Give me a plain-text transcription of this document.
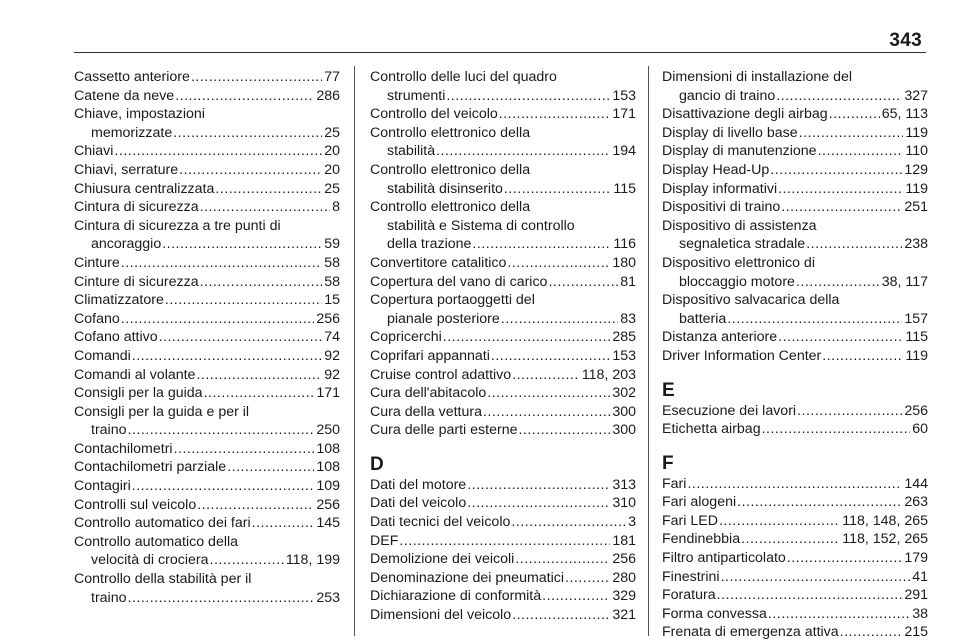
343
Cassetto anteriore .....	77
Catene da neve .....	286
Chiave, impostazioni
memorizzate .....	25
Chiavi .....	20
Chiavi, serrature .....	20
Chiusura centralizzata .....	25
Cintura di sicurezza .....	8
Cintura di sicurezza a tre punti di
ancoraggio .....	59
Cinture .....	58
Cinture di sicurezza .....	58
Climatizzatore .....	15
Cofano .....	256
Cofano attivo .....	74
Comandi .....	92
Comandi al volante .....	92
Consigli per la guida .....	171
Consigli per la guida e per il
traino .....	250
Contachilometri .....	108
Contachilometri parziale .....	108
Contagiri .....	109
Controlli sul veicolo .....	256
Controllo automatico dei fari .....	145
Controllo automatico della
velocità di crociera .....	118, 199
Controllo della stabilità per il
traino .....	253
Controllo delle luci del quadro
strumenti .....	153
Controllo del veicolo .....	171
Controllo elettronico della
stabilità .....	194
Controllo elettronico della
stabilità disinserito .....	115
Controllo elettronico della
stabilità e Sistema di controllo
della trazione .....	116
Convertitore catalitico .....	180
Copertura del vano di carico .....	81
Copertura portaoggetti del
pianale posteriore .....	83
Copricerchi .....	285
Coprifari appannati .....	153
Cruise control adattivo .....	118, 203
Cura dell'abitacolo .....	302
Cura della vettura .....	300
Cura delle parti esterne .....	300
D
Dati del motore .....	313
Dati del veicolo .....	310
Dati tecnici del veicolo .....	3
DEF .....	181
Demolizione dei veicoli .....	256
Denominazione dei pneumatici .....	280
Dichiarazione di conformità .....	329
Dimensioni del veicolo .....	321
Dimensioni di installazione del
gancio di traino .....	327
Disattivazione degli airbag .....	65, 113
Display di livello base .....	119
Display di manutenzione .....	110
Display Head-Up .....	129
Display informativi .....	119
Dispositivi di traino .....	251
Dispositivo di assistenza
segnaletica stradale .....	238
Dispositivo elettronico di
bloccaggio motore .....	38, 117
Dispositivo salvacarica della
batteria .....	157
Distanza anteriore .....	115
Driver Information Center .....	119
E
Esecuzione dei lavori .....	256
Etichetta airbag .....	60
F
Fari .....	144
Fari alogeni .....	263
Fari LED .....	118, 148, 265
Fendinebbia .....	118, 152, 265
Filtro antiparticolato .....	179
Finestrini .....	41
Foratura .....	291
Forma convessa .....	38
Frenata di emergenza attiva .....	215
